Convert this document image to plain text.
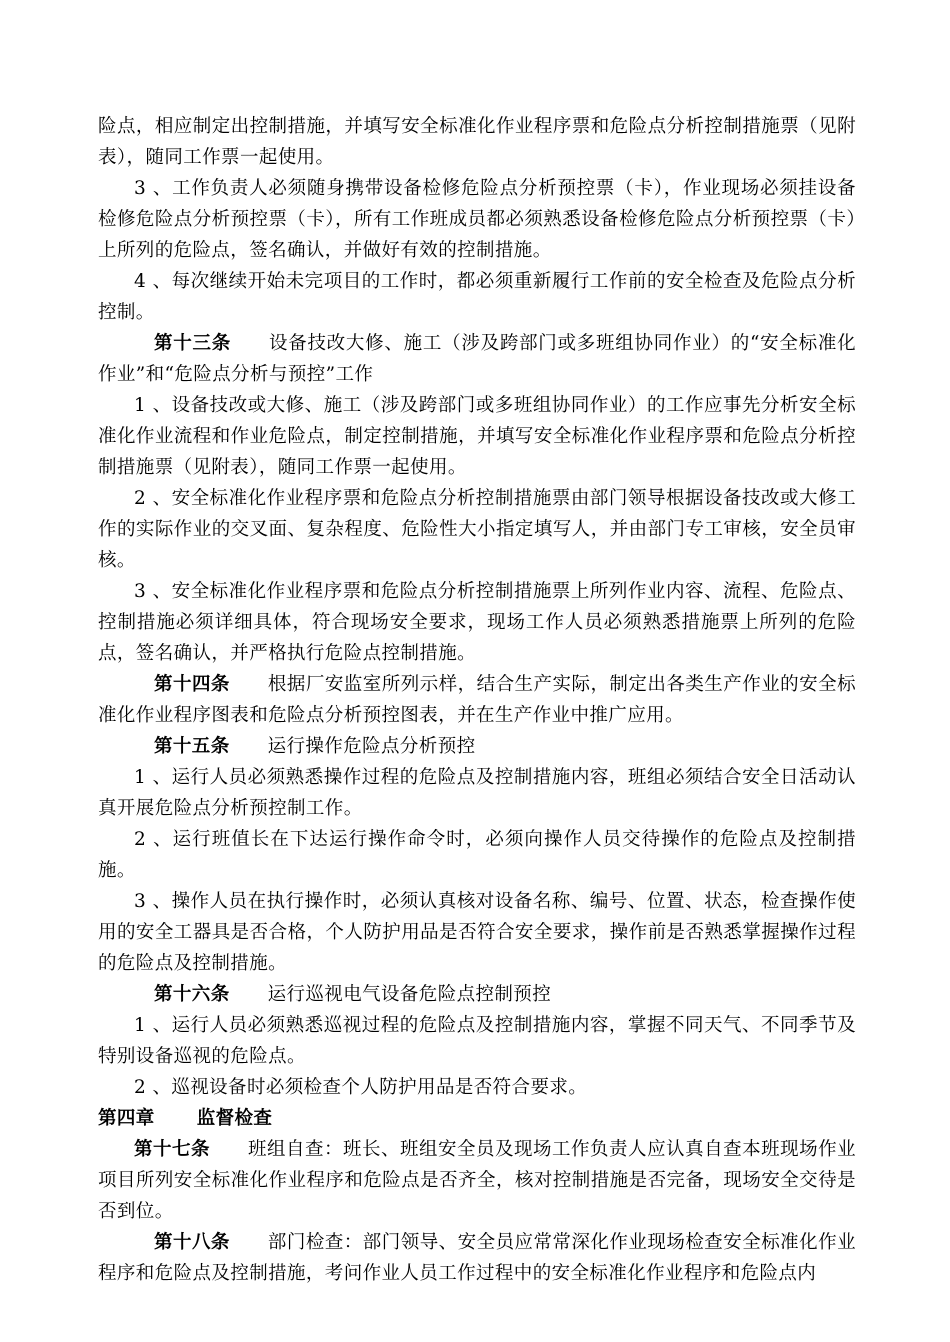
险点，相应制定出控制措施，并填写安全标准化作业程序票和危险点分析控制措施票（见附表），随同工作票一起使用。

3 、工作负责人必须随身携带设备检修危险点分析预控票（卡），作业现场必须挂设备检修危险点分析预控票（卡），所有工作班成员都必须熟悉设备检修危险点分析预控票（卡）上所列的危险点，签名确认，并做好有效的控制措施。

4 、每次继续开始未完项目的工作时，都必须重新履行工作前的安全检查及危险点分析控制。

第十三条 设备技改大修、施工（涉及跨部门或多班组协同作业）的“安全标准化作业”和“危险点分析与预控”工作

1 、设备技改或大修、施工（涉及跨部门或多班组协同作业）的工作应事先分析安全标准化作业流程和作业危险点，制定控制措施，并填写安全标准化作业程序票和危险点分析控制措施票（见附表），随同工作票一起使用。

2 、安全标准化作业程序票和危险点分析控制措施票由部门领导根据设备技改或大修工作的实际作业的交叉面、复杂程度、危险性大小指定填写人，并由部门专工审核，安全员审核。

3 、安全标准化作业程序票和危险点分析控制措施票上所列作业内容、流程、危险点、控制措施必须详细具体，符合现场安全要求，现场工作人员必须熟悉措施票上所列的危险点，签名确认，并严格执行危险点控制措施。

第十四条 根据厂安监室所列示样，结合生产实际，制定出各类生产作业的安全标准化作业程序图表和危险点分析预控图表，并在生产作业中推广应用。

第十五条 运行操作危险点分析预控

1 、运行人员必须熟悉操作过程的危险点及控制措施内容，班组必须结合安全日活动认真开展危险点分析预控制工作。

2 、运行班值长在下达运行操作命令时，必须向操作人员交待操作的危险点及控制措施。

3 、操作人员在执行操作时，必须认真核对设备名称、编号、位置、状态，检查操作使用的安全工器具是否合格，个人防护用品是否符合安全要求，操作前是否熟悉掌握操作过程的危险点及控制措施。

第十六条 运行巡视电气设备危险点控制预控

1 、运行人员必须熟悉巡视过程的危险点及控制措施内容，掌握不同天气、不同季节及特别设备巡视的危险点。

2 、巡视设备时必须检查个人防护用品是否符合要求。

第四章 监督检查

第十七条 班组自查：班长、班组安全员及现场工作负责人应认真自查本班现场作业项目所列安全标准化作业程序和危险点是否齐全，核对控制措施是否完备，现场安全交待是否到位。

第十八条 部门检查：部门领导、安全员应常常深化作业现场检查安全标准化作业程序和危险点及控制措施，考问作业人员工作过程中的安全标准化作业程序和危险点内
